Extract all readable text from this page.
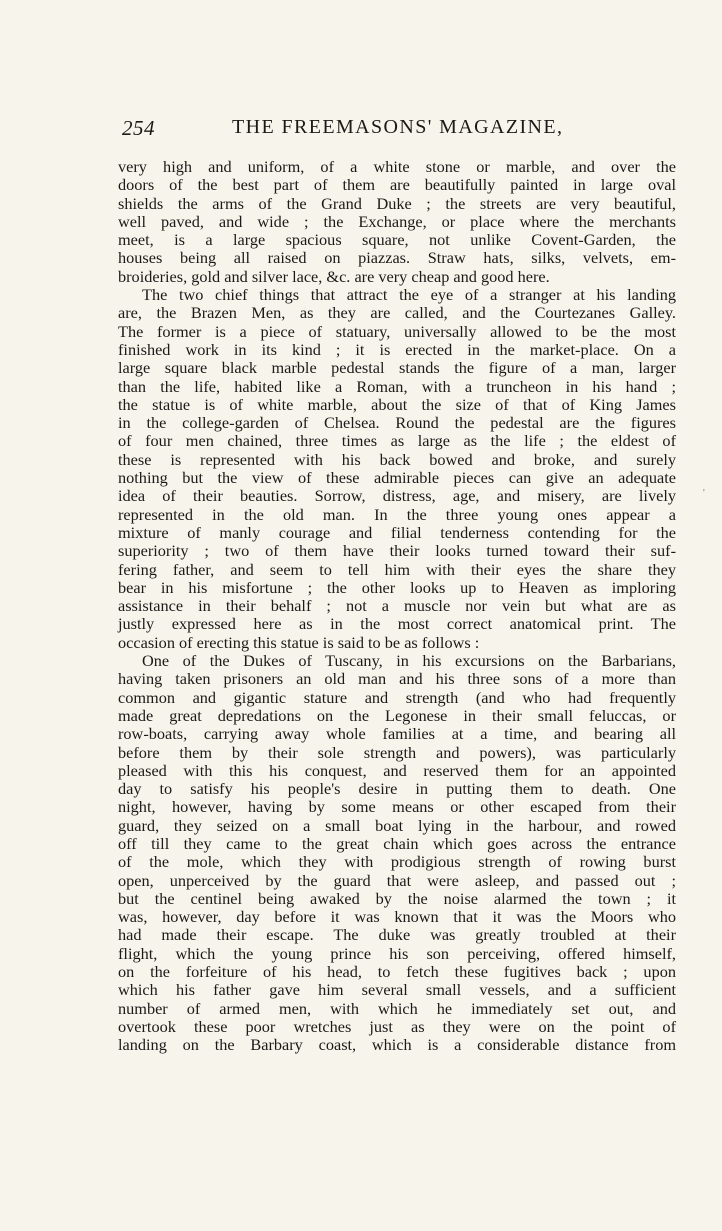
254	THE FREEMASONS' MAGAZINE,
very high and uniform, of a white stone or marble, and over the
doors of the best part of them are beautifully painted in large oval
shields the arms of the Grand Duke ; the streets are very beautiful,
well paved, and wide ; the Exchange, or place where the merchants
meet, is a large spacious square, not unlike Covent-Garden, the
houses being all raised on piazzas. Straw hats, silks, velvets, em-
broideries, gold and silver lace, &c. are very cheap and good here.
The two chief things that attract the eye of a stranger at his landing
are, the Brazen Men, as they are called, and the Courtezanes Galley.
The former is a piece of statuary, universally allowed to be the most
finished work in its kind ; it is erected in the market-place. On a
large square black marble pedestal stands the figure of a man, larger
than the life, habited like a Roman, with a truncheon in his hand ;
the statue is of white marble, about the size of that of King James
in the college-garden of Chelsea. Round the pedestal are the figures
of four men chained, three times as large as the life ; the eldest of
these is represented with his back bowed and broke, and surely
nothing but the view of these admirable pieces can give an adequate
idea of their beauties. Sorrow, distress, age, and misery, are lively
represented in the old man. In the three young ones appear a
mixture of manly courage and filial tenderness contending for the
superiority ; two of them have their looks turned toward their suf-
fering father, and seem to tell him with their eyes the share they
bear in his misfortune ; the other looks up to Heaven as imploring
assistance in their behalf ; not a muscle nor vein but what are as
justly expressed here as in the most correct anatomical print. The
occasion of erecting this statue is said to be as follows :
One of the Dukes of Tuscany, in his excursions on the Barbarians,
having taken prisoners an old man and his three sons of a more than
common and gigantic stature and strength (and who had frequently
made great depredations on the Legonese in their small feluccas, or
row-boats, carrying away whole families at a time, and bearing all
before them by their sole strength and powers), was particularly
pleased with this his conquest, and reserved them for an appointed
day to satisfy his people's desire in putting them to death. One
night, however, having by some means or other escaped from their
guard, they seized on a small boat lying in the harbour, and rowed
off till they came to the great chain which goes across the entrance
of the mole, which they with prodigious strength of rowing burst
open, unperceived by the guard that were asleep, and passed out ;
but the centinel being awaked by the noise alarmed the town ; it
was, however, day before it was known that it was the Moors who
had made their escape. The duke was greatly troubled at their
flight, which the young prince his son perceiving, offered himself,
on the forfeiture of his head, to fetch these fugitives back ; upon
which his father gave him several small vessels, and a sufficient
number of armed men, with which he immediately set out, and
overtook these poor wretches just as they were on the point of
landing on the Barbary coast, which is a considerable distance from
'
